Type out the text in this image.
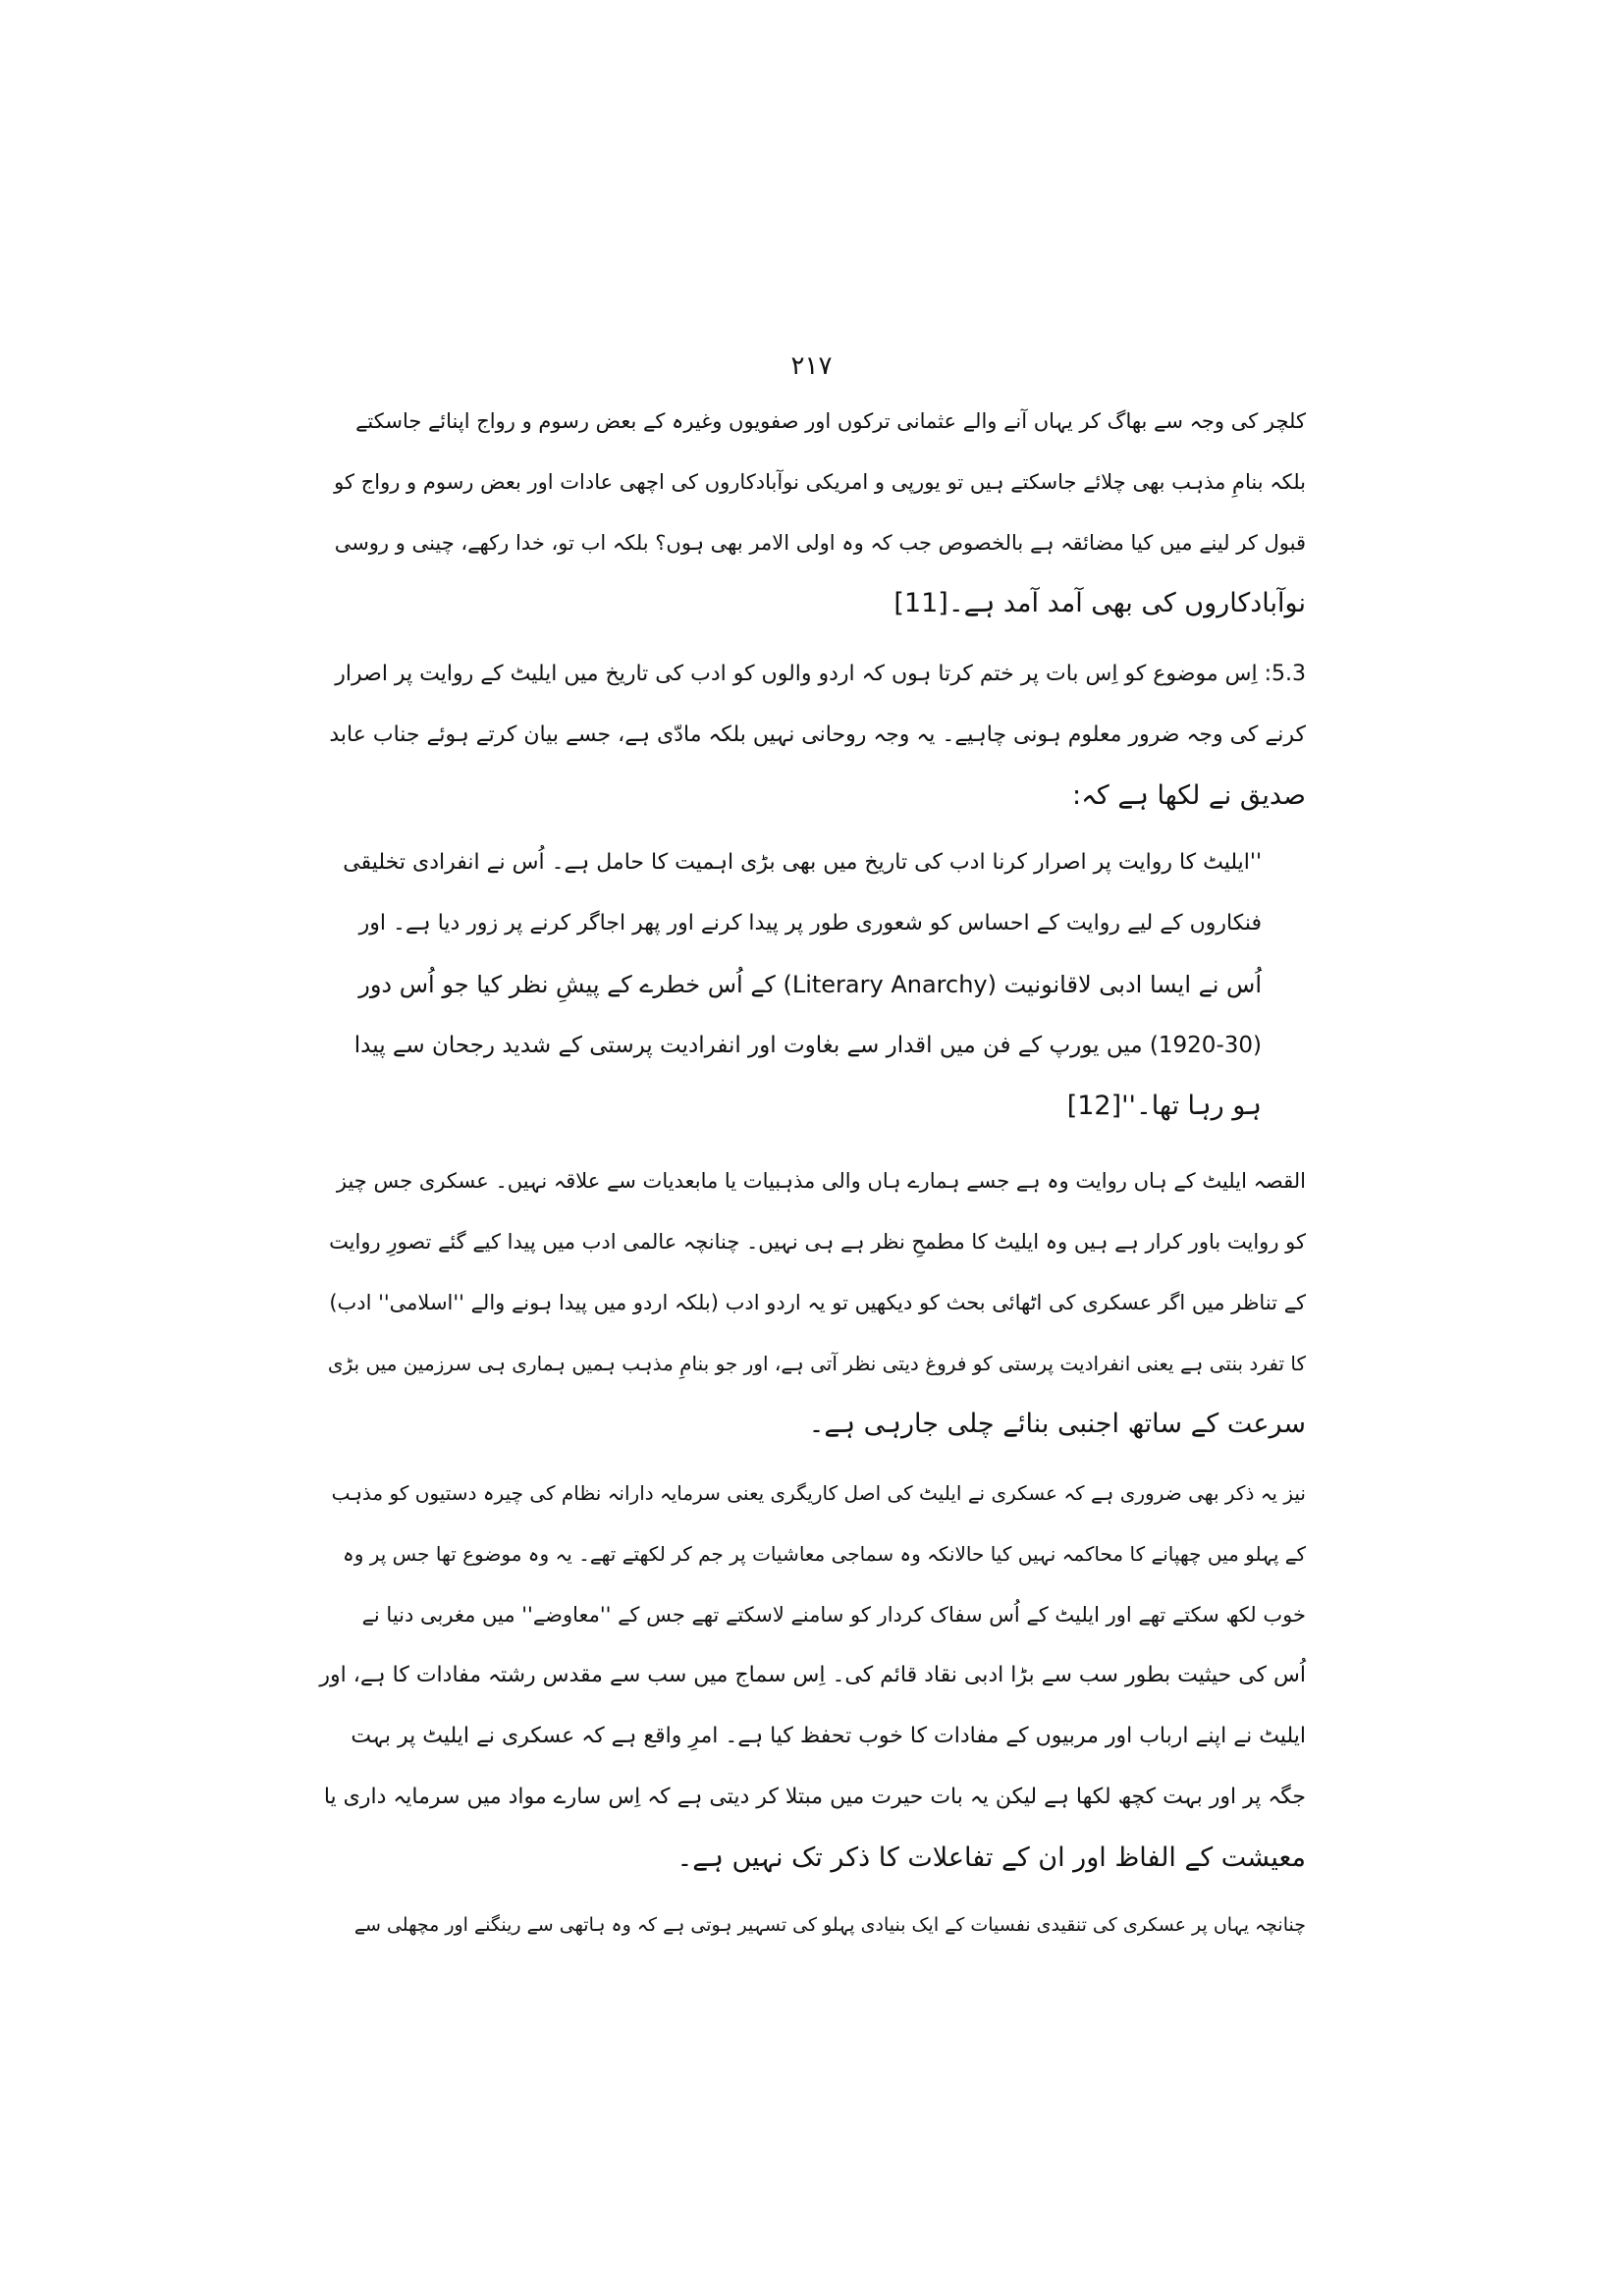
۲۱۷
کلچر کی وجہ سے بھاگ کر یہاں آنے والے عثمانی ترکوں اور صفویوں وغیرہ کے بعض رسوم و رواج اپنائے جاسکتے
بلکہ بنامِ مذہب بھی چلائے جاسکتے ہیں تو یورپی و امریکی نوآبادکاروں کی اچھی عادات اور بعض رسوم و رواج کو
قبول کر لینے میں کیا مضائقہ ہے بالخصوص جب کہ وہ اولی الامر بھی ہوں؟ بلکہ اب تو، خدا رکھے، چینی و روسی
نوآبادکاروں کی بھی آمد آمد ہے۔[11]
5.3: اِس موضوع کو اِس بات پر ختم کرتا ہوں کہ اردو والوں کو ادب کی تاریخ میں ایلیٹ کے روایت پر اصرار
کرنے کی وجہ ضرور معلوم ہونی چاہیے۔ یہ وجہ روحانی نہیں بلکہ مادّی ہے، جسے بیان کرتے ہوئے جناب عابد
صدیق نے لکھا ہے کہ:
''ایلیٹ کا روایت پر اصرار کرنا ادب کی تاریخ میں بھی بڑی اہمیت کا حامل ہے۔ اُس نے انفرادی تخلیقی
فنکاروں کے لیے روایت کے احساس کو شعوری طور پر پیدا کرنے اور پھر اجاگر کرنے پر زور دیا ہے۔ اور
اُس نے ایسا ادبی لاقانونیت (Literary Anarchy) کے اُس خطرے کے پیشِ نظر کیا جو اُس دور
(1920-30) میں یورپ کے فن میں اقدار سے بغاوت اور انفرادیت پرستی کے شدید رجحان سے پیدا
ہو رہا تھا۔''[12]
القصہ ایلیٹ کے ہاں روایت وہ ہے جسے ہمارے ہاں والی مذہبیات یا مابعدیات سے علاقہ نہیں۔ عسکری جس چیز
کو روایت باور کرار ہے ہیں وہ ایلیٹ کا مطمحِ نظر ہے ہی نہیں۔ چنانچہ عالمی ادب میں پیدا کیے گئے تصورِ روایت
کے تناظر میں اگر عسکری کی اٹھائی بحث کو دیکھیں تو یہ اردو ادب (بلکہ اردو میں پیدا ہونے والے ''اسلامی'' ادب)
کا تفرد بنتی ہے یعنی انفرادیت پرستی کو فروغ دیتی نظر آتی ہے، اور جو بنامِ مذہب ہمیں ہماری ہی سرزمین میں بڑی
سرعت کے ساتھ اجنبی بنائے چلی جارہی ہے۔
نیز یہ ذکر بھی ضروری ہے کہ عسکری نے ایلیٹ کی اصل کاریگری یعنی سرمایہ دارانہ نظام کی چیرہ دستیوں کو مذہب
کے پہلو میں چھپانے کا محاکمہ نہیں کیا حالانکہ وہ سماجی معاشیات پر جم کر لکھتے تھے۔ یہ وہ موضوع تھا جس پر وہ
خوب لکھ سکتے تھے اور ایلیٹ کے اُس سفاک کردار کو سامنے لاسکتے تھے جس کے ''معاوضے'' میں مغربی دنیا نے
اُس کی حیثیت بطور سب سے بڑا ادبی نقاد قائم کی۔ اِس سماج میں سب سے مقدس رشتہ مفادات کا ہے، اور
ایلیٹ نے اپنے ارباب اور مربیوں کے مفادات کا خوب تحفظ کیا ہے۔ امرِ واقع ہے کہ عسکری نے ایلیٹ پر بہت
جگہ پر اور بہت کچھ لکھا ہے لیکن یہ بات حیرت میں مبتلا کر دیتی ہے کہ اِس سارے مواد میں سرمایہ داری یا
معیشت کے الفاظ اور ان کے تفاعلات کا ذکر تک نہیں ہے۔
چنانچہ یہاں پر عسکری کی تنقیدی نفسیات کے ایک بنیادی پہلو کی تسہیر ہوتی ہے کہ وہ ہاتھی سے رینگنے اور مچھلی سے
